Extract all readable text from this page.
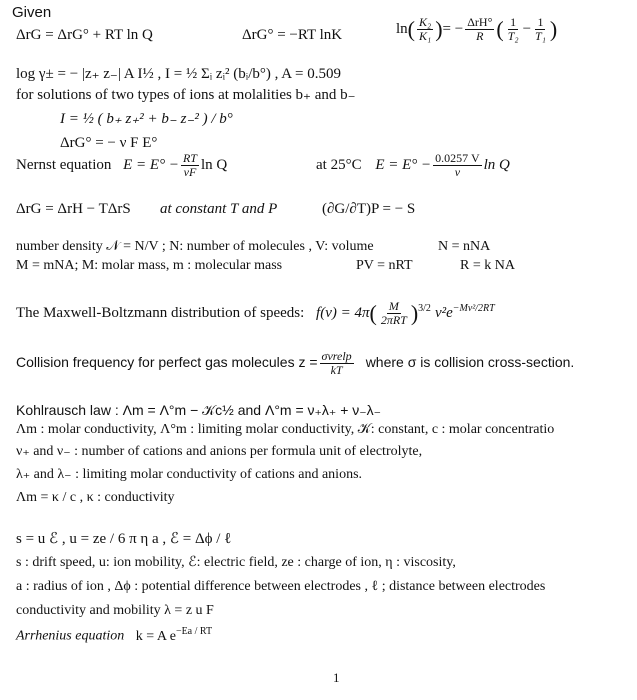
Given
ΔrG = ΔrG° + RT ln Q	ΔrG° = −RT lnK	$\ln( \frac{\text{K₂}}{\text{K₁}}$ )= − $\frac{\text{ΔrH°}}{R}$ ( $\frac{1}{\text{T₂}} - \frac{1}{\text{T₁}}$ )
log γ± = − |z₊ z₋| A I½ , I = ½ Σᵢ zᵢ² (bᵢ/b°) , A = 0.509
for solutions of two types of ions at molalities b₊ and b₋
I = ½ ( b₊ z₊² + b₋ z₋² ) / b°
ΔrG° = − ν F E°
Nernst equation $E = E^\circ - \frac{RT}{\nu F}$ ln Q	at 25°C $E = E^\circ - \frac{0.0257 V}{\nu}$ ln Q
ΔrG = ΔrH − TΔrS at constant T and P	(∂G/∂T)P = − S
number density 𝒩 = N/V ; N: number of molecules , V: volume	N = nNA
M = mNA; M: molar mass, m : molecular mass	PV = nRT	R = k NA
The Maxwell-Boltzmann distribution of speeds: $f(v) = 4\pi( \frac{M}{\text{2πRT}} )^{3/2}$ $v^2e^{-Mv^2/2RT}$
Collision frequency for perfect gas molecules $z = \frac{\text{σvrelp}}{kT}$ where σ is collision cross-section.
Kohlrausch law : Λm = Λ°m − 𝒦c½ and Λ°m = ν₊λ₊ + ν₋λ₋
Λm : molar conductivity, Λ°m : limiting molar conductivity, 𝒦: constant, c : molar concentratio
ν₊ and ν₋ : number of cations and anions per formula unit of electrolyte,
λ₊ and λ₋ : limiting molar conductivity of cations and anions.
Λm = κ / c , κ : conductivity
s = u ℰ , u = ze / 6 π η a , ℰ = Δϕ / ℓ
s : drift speed, u: ion mobility, ℰ: electric field, ze : charge of ion, η : viscosity,
a : radius of ion , Δϕ : potential difference between electrodes , ℓ ; distance between electrodes
conductivity and mobility λ = z u F
Arrhenius equation k = A $e^{-Ea / RT}$
1
